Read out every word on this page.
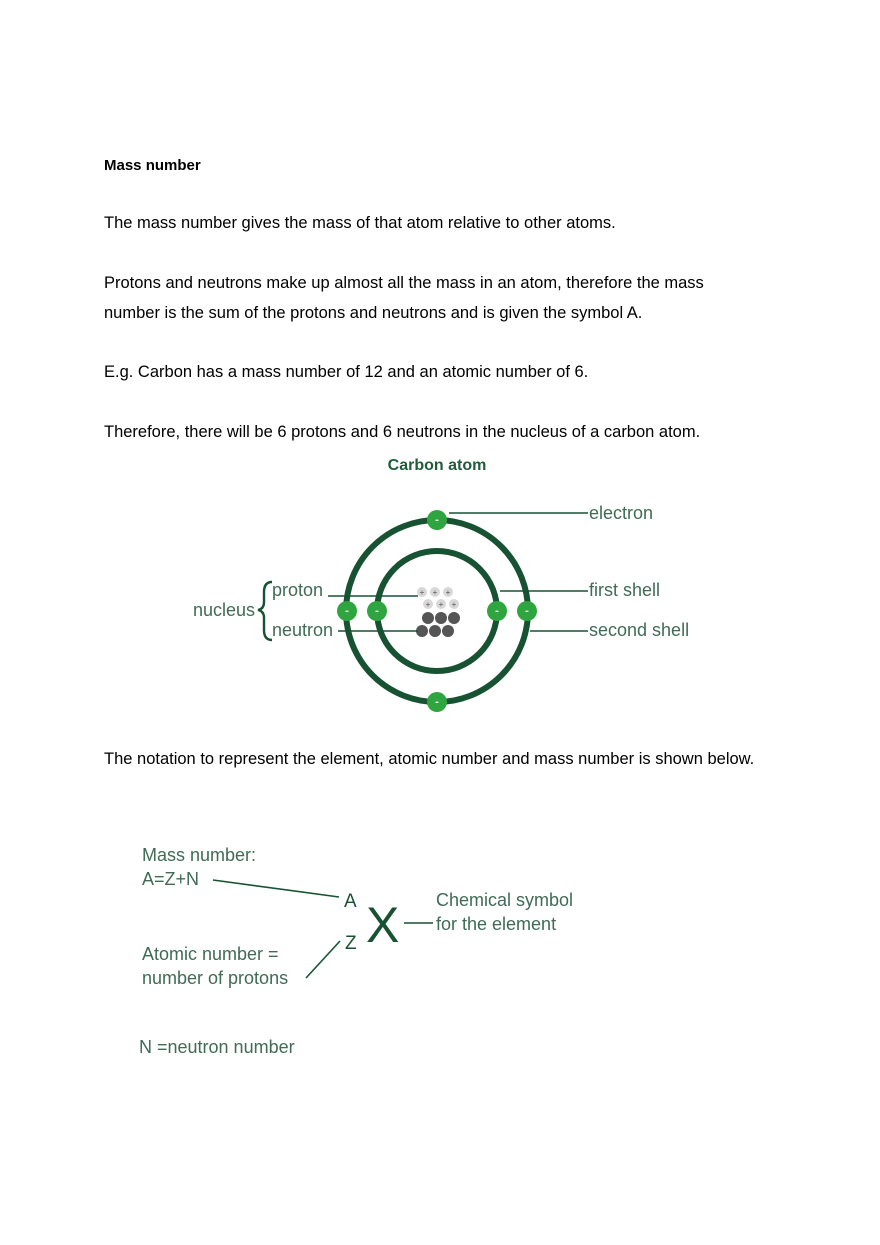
Mass number

The mass number gives the mass of that atom relative to other atoms.

Protons and neutrons make up almost all the mass in an atom, therefore the mass number is the sum of the protons and neutrons and is given the symbol A.

E.g. Carbon has a mass number of 12 and an atomic number of 6.

Therefore, there will be 6 protons and 6 neutrons in the nucleus of a carbon atom.

Carbon atom
-
-
-	-
-	-
+ + +
+ + +
electron
first shell
second shell
proton
neutron
nucleus

The notation to represent the element, atomic number and mass number is shown below.

Mass number:
A=Z+N
A
Z X Chemical symbol
for the element
Atomic number =
number of protons
N =neutron number
